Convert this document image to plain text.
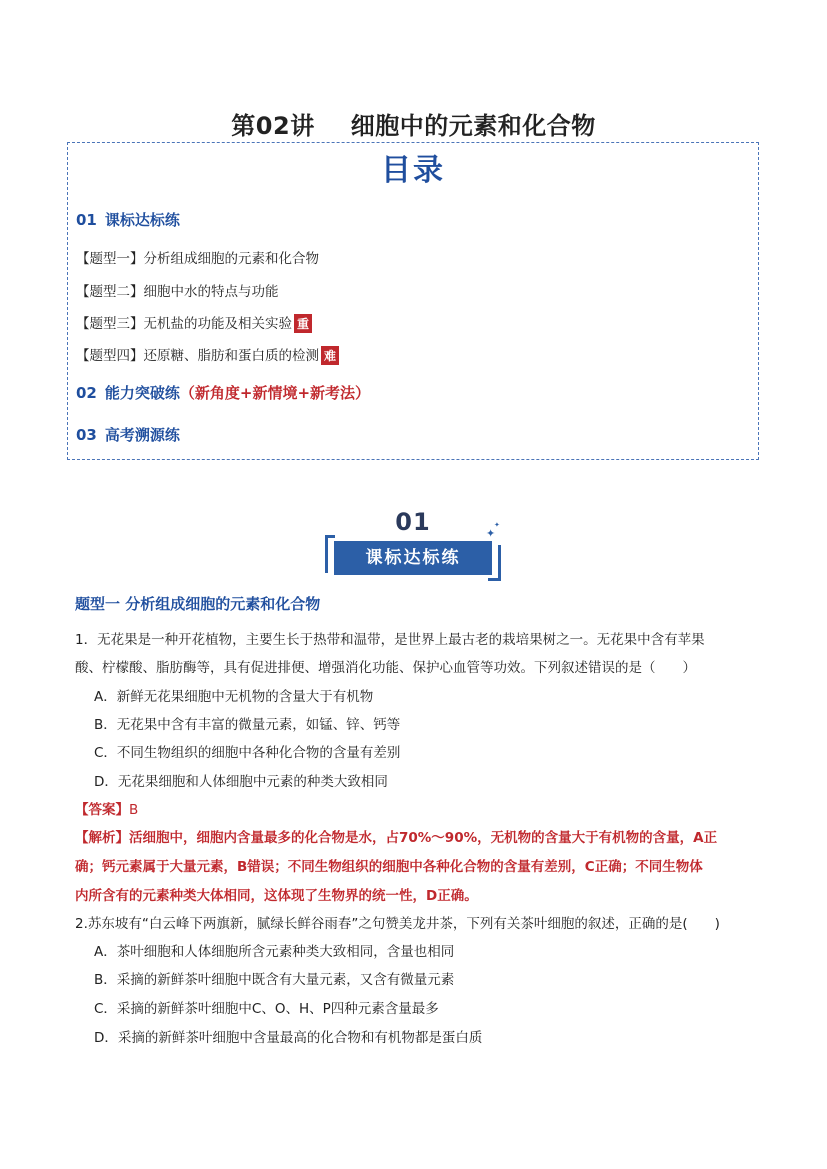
第02讲 细胞中的元素和化合物
目录
01 课标达标练
【题型一】分析组成细胞的元素和化合物
【题型二】细胞中水的特点与功能
【题型三】无机盐的功能及相关实验 重
【题型四】还原糖、脂肪和蛋白质的检测 难
02 能力突破练（新角度+新情境+新考法）
03 高考溯源练
01
课标达标练
✦
✦
题型一 分析组成细胞的元素和化合物
1．无花果是一种开花植物，主要生长于热带和温带，是世界上最古老的栽培果树之一。无花果中含有苹果
酸、柠檬酸、脂肪酶等，具有促进排便、增强消化功能、保护心血管等功效。下列叙述错误的是（　　）
A．新鲜无花果细胞中无机物的含量大于有机物
B．无花果中含有丰富的微量元素，如锰、锌、钙等
C．不同生物组织的细胞中各种化合物的含量有差别
D．无花果细胞和人体细胞中元素的种类大致相同
【答案】B
【解析】活细胞中，细胞内含量最多的化合物是水，占70%～90%，无机物的含量大于有机物的含量，A正
确；钙元素属于大量元素，B错误；不同生物组织的细胞中各种化合物的含量有差别，C正确；不同生物体
内所含有的元素种类大体相同，这体现了生物界的统一性，D正确。
2.苏东坡有“白云峰下两旗新，腻绿长鲜谷雨春”之句赞美龙井茶，下列有关茶叶细胞的叙述，正确的是(　　)
A．茶叶细胞和人体细胞所含元素种类大致相同，含量也相同
B．采摘的新鲜茶叶细胞中既含有大量元素，又含有微量元素
C．采摘的新鲜茶叶细胞中C、O、H、P四种元素含量最多
D．采摘的新鲜茶叶细胞中含量最高的化合物和有机物都是蛋白质
